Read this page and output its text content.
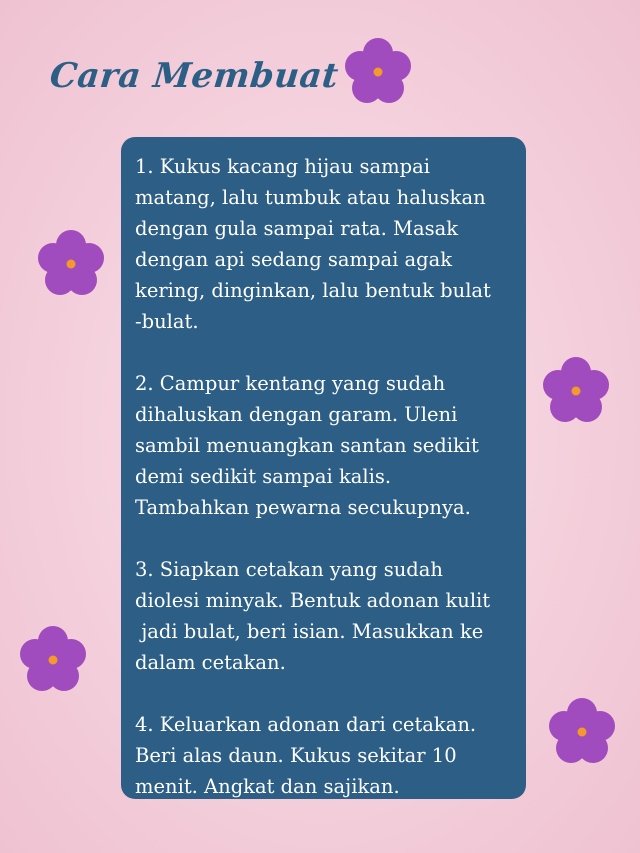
Cara Membuat
1. Kukus kacang hijau sampai
matang, lalu tumbuk atau haluskan
dengan gula sampai rata. Masak
dengan api sedang sampai agak
kering, dinginkan, lalu bentuk bulat
-bulat.
2. Campur kentang yang sudah
dihaluskan dengan garam. Uleni
sambil menuangkan santan sedikit
demi sedikit sampai kalis.
Tambahkan pewarna secukupnya.
3. Siapkan cetakan yang sudah
diolesi minyak. Bentuk adonan kulit
jadi bulat, beri isian. Masukkan ke
dalam cetakan.
4. Keluarkan adonan dari cetakan.
Beri alas daun. Kukus sekitar 10
menit. Angkat dan sajikan.
